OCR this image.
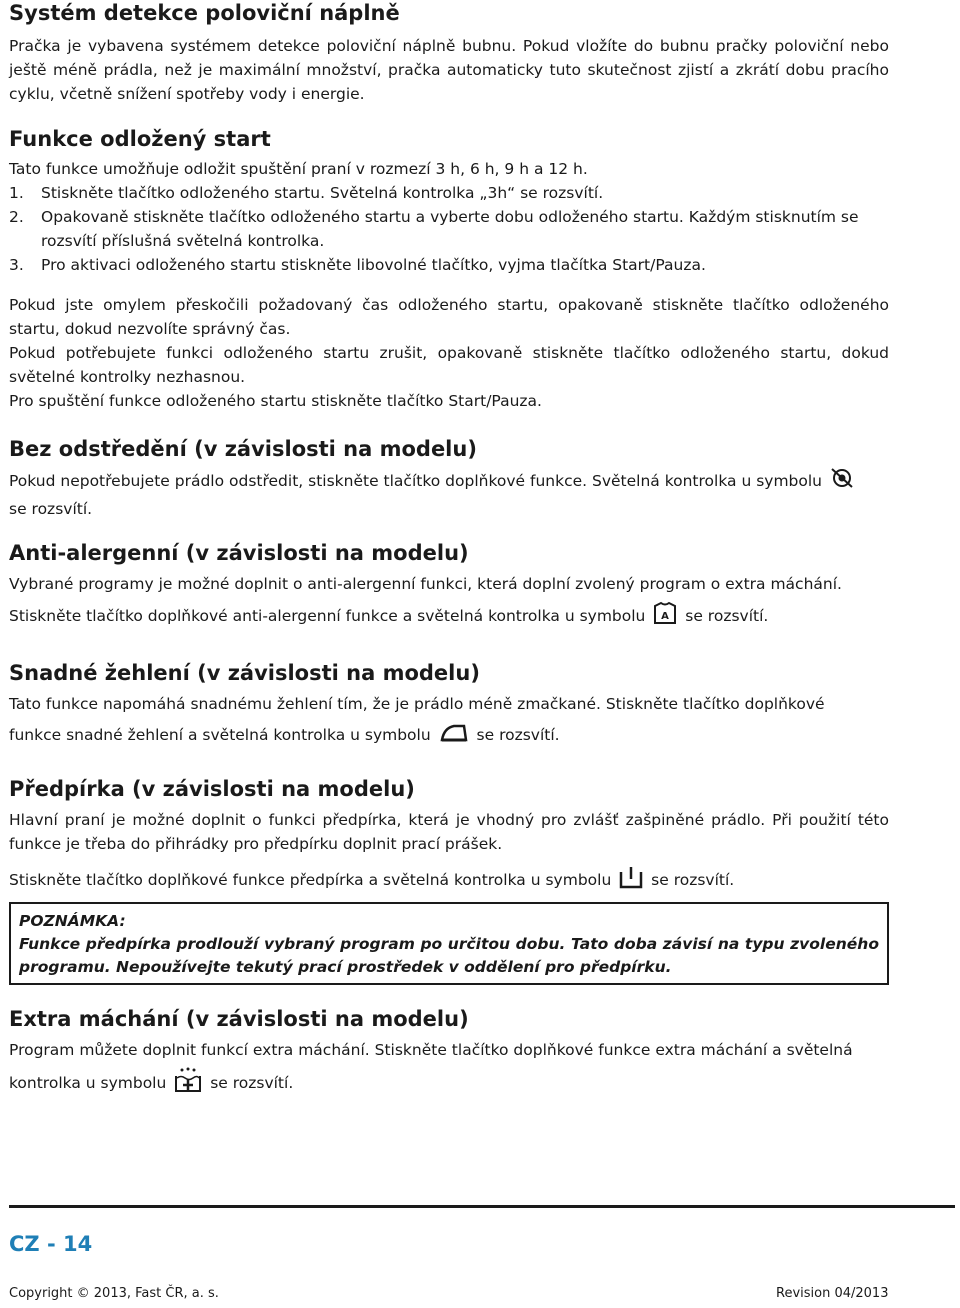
Systém detekce poloviční náplně

Pračka je vybavena systémem detekce poloviční náplně bubnu. Pokud vložíte do bubnu pračky poloviční nebo ještě méně prádla, než je maximální množství, pračka automaticky tuto skutečnost zjistí a zkrátí dobu pracího cyklu, včetně snížení spotřeby vody i energie.

Funkce odložený start

Tato funkce umožňuje odložit spuštění praní v rozmezí 3 h, 6 h, 9 h a 12 h.

1.	Stiskněte tlačítko odloženého startu. Světelná kontrolka „3h“ se rozsvítí.

2.	Opakovaně stiskněte tlačítko odloženého startu a vyberte dobu odloženého startu. Každým stisknutím se rozsvítí příslušná světelná kontrolka.

3.	Pro aktivaci odloženého startu stiskněte libovolné tlačítko, vyjma tlačítka Start/Pauza.

Pokud jste omylem přeskočili požadovaný čas odloženého startu, opakovaně stiskněte tlačítko odloženého startu, dokud nezvolíte správný čas.

Pokud potřebujete funkci odloženého startu zrušit, opakovaně stiskněte tlačítko odloženého startu, dokud světelné kontrolky nezhasnou.

Pro spuštění funkce odloženého startu stiskněte tlačítko Start/Pauza.

Bez odstředění (v závislosti na modelu)

Pokud nepotřebujete prádlo odstředit, stiskněte tlačítko doplňkové funkce. Světelná kontrolka u symbolu
se rozsvítí.

Anti-alergenní (v závislosti na modelu)

Vybrané programy je možné doplnit o anti-alergenní funkci, která doplní zvolený program o extra máchání.

Stiskněte tlačítko doplňkové anti-alergenní funkce a světelná kontrolka u symbolu A se rozsvítí.

Snadné žehlení (v závislosti na modelu)

Tato funkce napomáhá snadnému žehlení tím, že je prádlo méně zmačkané. Stiskněte tlačítko doplňkové

funkce snadné žehlení a světelná kontrolka u symbolu	se rozsvítí.

Předpírka (v závislosti na modelu)

Hlavní praní je možné doplnit o funkci předpírka, která je vhodný pro zvlášť zašpiněné prádlo. Při použití této funkce je třeba do přihrádky pro předpírku doplnit prací prášek.

Stiskněte tlačítko doplňkové funkce předpírka a světelná kontrolka u symbolu	se rozsvítí.

POZNÁMKA:
Funkce předpírka prodlouží vybraný program po určitou dobu. Tato doba závisí na typu zvoleného programu. Nepoužívejte tekutý prací prostředek v oddělení pro předpírku.
Extra máchání (v závislosti na modelu)

Program můžete doplnit funkcí extra máchání. Stiskněte tlačítko doplňkové funkce extra máchání a světelná

kontrolka u symbolu	se rozsvítí.

CZ - 14
Copyright © 2013, Fast ČR, a. s.	Revision 04/2013
